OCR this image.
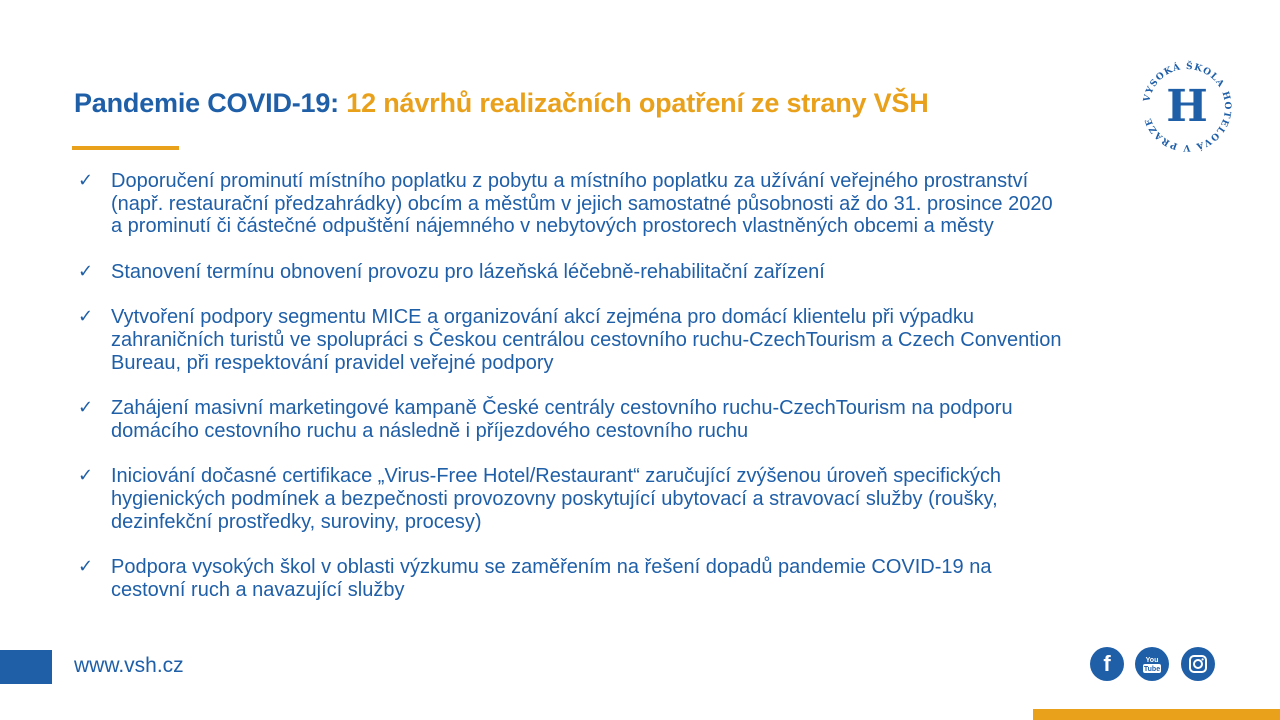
Pandemie COVID-19: 12 návrhů realizačních opatření ze strany VŠH	VYSOKÁ ŠKOLA HOTELOVÁ V PRAZE H
✓ Doporučení prominutí místního poplatku z pobytu a místního poplatku za užívání veřejného prostranství (např. restaurační předzahrádky) obcím a městům v jejich samostatné působnosti až do 31. prosince 2020 a prominutí či částečné odpuštění nájemného v nebytových prostorech vlastněných obcemi a městy
✓ Stanovení termínu obnovení provozu pro lázeňská léčebně-rehabilitační zařízení
✓ Vytvoření podpory segmentu MICE a organizování akcí zejména pro domácí klientelu při výpadku zahraničních turistů ve spolupráci s Českou centrálou cestovního ruchu-CzechTourism a Czech Convention Bureau, při respektování pravidel veřejné podpory
✓ Zahájení masivní marketingové kampaně České centrály cestovního ruchu-CzechTourism na podporu domácího cestovního ruchu a následně i příjezdového cestovního ruchu
✓ Iniciování dočasné certifikace „Virus-Free Hotel/Restaurant“ zaručující zvýšenou úroveň specifických hygienických podmínek a bezpečnosti provozovny poskytující ubytovací a stravovací služby (roušky, dezinfekční prostředky, suroviny, procesy)
✓ Podpora vysokých škol v oblasti výzkumu se zaměřením na řešení dopadů pandemie COVID-19 na cestovní ruch a navazující služby
www.vsh.cz	f	You
Tube
